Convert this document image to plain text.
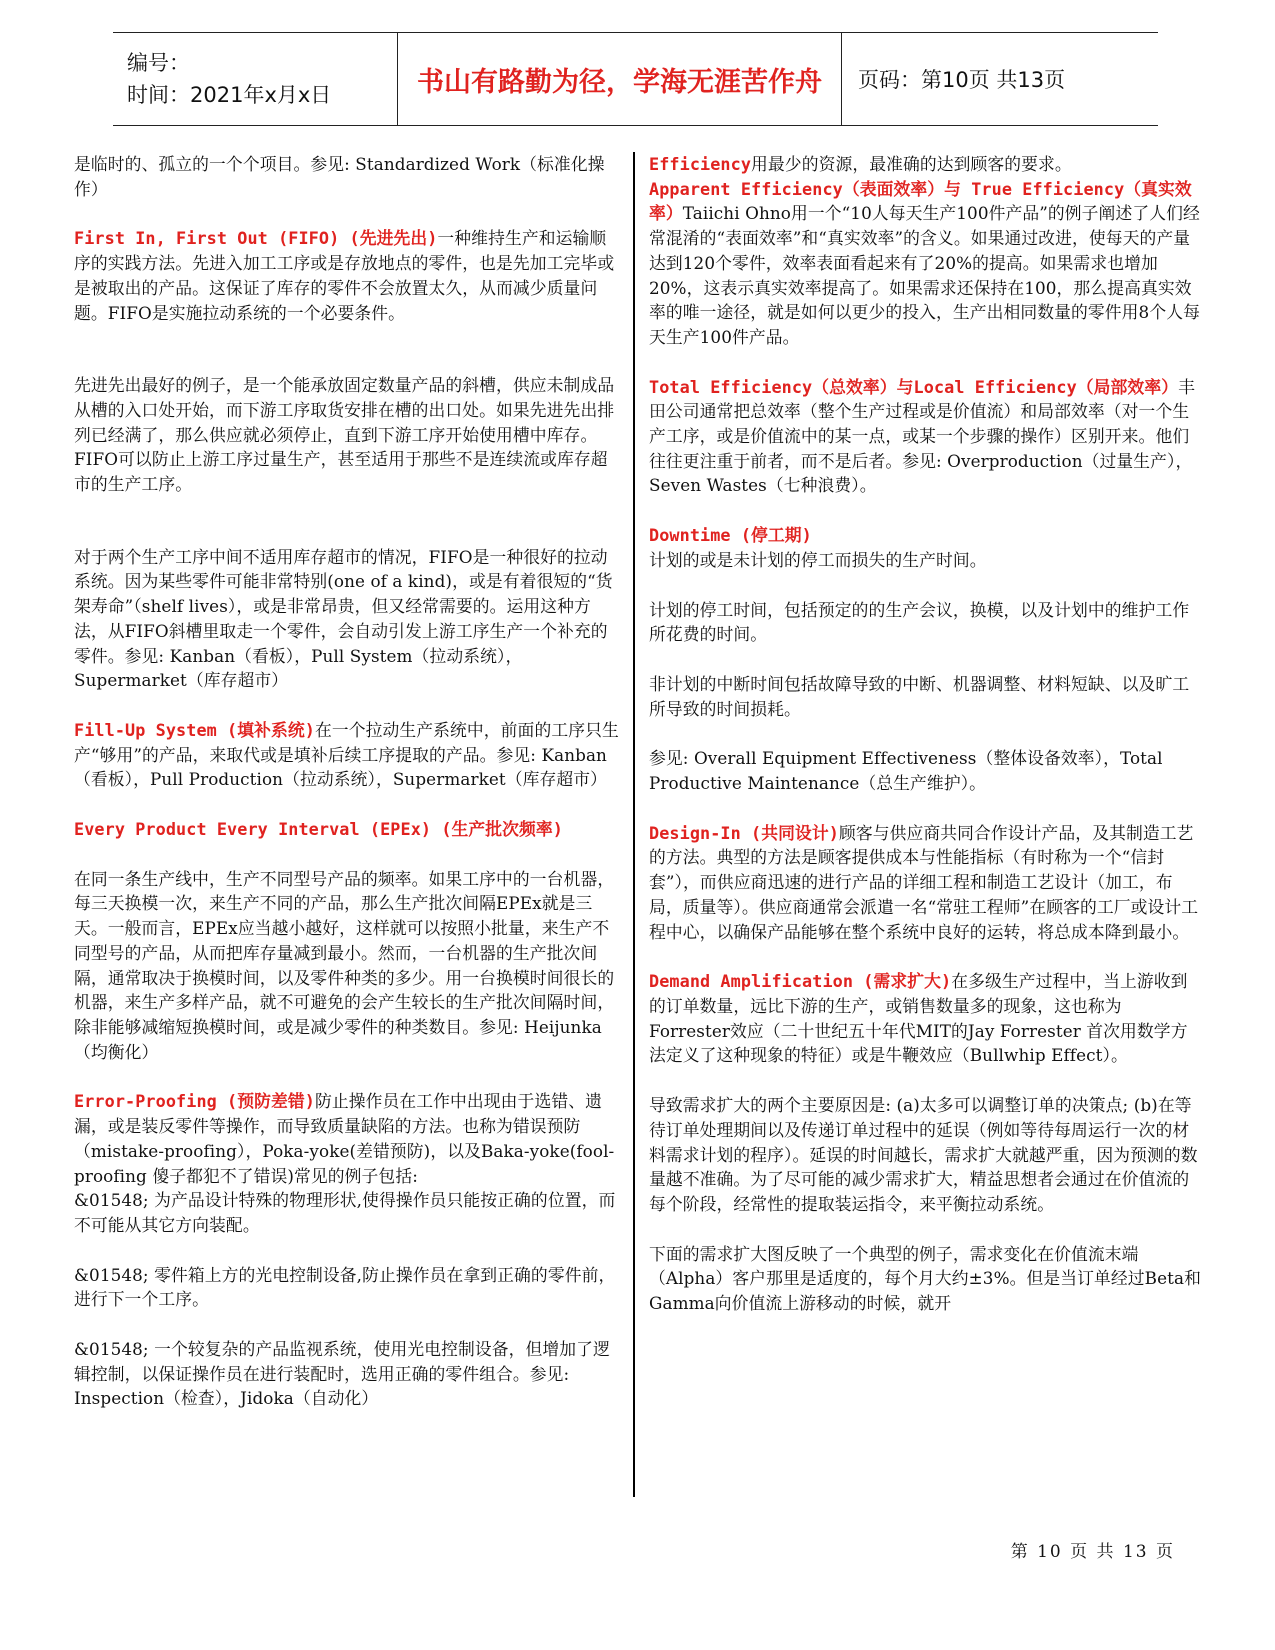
编号：
时间：2021年x月x日	书山有路勤为径，学海无涯苦作舟 页码：第10页 共13页

是临时的、孤立的一个个项目。参见: Standardized Work（标准化操作）

First In, First Out (FIFO) (先进先出)一种维持生产和运输顺序的实践方法。先进入加工工序或是存放地点的零件，也是先加工完毕或是被取出的产品。这保证了库存的零件不会放置太久，从而减少质量问题。FIFO是实施拉动系统的一个必要条件。

先进先出最好的例子，是一个能承放固定数量产品的斜槽，供应未制成品从槽的入口处开始，而下游工序取货安排在槽的出口处。如果先进先出排列已经满了，那么供应就必须停止，直到下游工序开始使用槽中库存。FIFO可以防止上游工序过量生产，甚至适用于那些不是连续流或库存超市的生产工序。

对于两个生产工序中间不适用库存超市的情况，FIFO是一种很好的拉动系统。因为某些零件可能非常特别(one of a kind)，或是有着很短的“货架寿命”（shelf lives），或是非常昂贵，但又经常需要的。运用这种方法，从FIFO斜槽里取走一个零件，会自动引发上游工序生产一个补充的零件。参见: Kanban（看板），Pull System（拉动系统），Supermarket（库存超市）

Fill-Up System (填补系统)在一个拉动生产系统中，前面的工序只生产“够用”的产品，来取代或是填补后续工序提取的产品。参见: Kanban（看板），Pull Production（拉动系统），Supermarket（库存超市）

Every Product Every Interval (EPEx) (生产批次频率)

在同一条生产线中，生产不同型号产品的频率。如果工序中的一台机器，每三天换模一次，来生产不同的产品，那么生产批次间隔EPEx就是三天。一般而言，EPEx应当越小越好，这样就可以按照小批量，来生产不同型号的产品，从而把库存量减到最小。然而，一台机器的生产批次间隔，通常取决于换模时间，以及零件种类的多少。用一台换模时间很长的机器，来生产多样产品，就不可避免的会产生较长的生产批次间隔时间，除非能够减缩短换模时间，或是减少零件的种类数目。参见: Heijunka（均衡化）

Error-Proofing (预防差错)防止操作员在工作中出现由于选错、遗漏，或是装反零件等操作，而导致质量缺陷的方法。也称为错误预防（mistake-proofing），Poka-yoke(差错预防)，以及Baka-yoke(fool-proofing 傻子都犯不了错误)常见的例子包括:

&01548; 为产品设计特殊的物理形状,使得操作员只能按正确的位置，而不可能从其它方向装配。

&01548; 零件箱上方的光电控制设备,防止操作员在拿到正确的零件前，进行下一个工序。

&01548; 一个较复杂的产品监视系统，使用光电控制设备，但增加了逻辑控制，以保证操作员在进行装配时，选用正确的零件组合。参见: Inspection（检查），Jidoka（自动化）

Efficiency用最少的资源，最准确的达到顾客的要求。

Apparent Efficiency（表面效率）与 True Efficiency（真实效率）Taiichi Ohno用一个“10人每天生产100件产品”的例子阐述了人们经常混淆的“表面效率”和“真实效率”的含义。如果通过改进，使每天的产量达到120个零件，效率表面看起来有了20%的提高。如果需求也增加20%，这表示真实效率提高了。如果需求还保持在100，那么提高真实效率的唯一途径，就是如何以更少的投入，生产出相同数量的零件用8个人每天生产100件产品。

Total Efficiency（总效率）与Local Efficiency（局部效率）丰田公司通常把总效率（整个生产过程或是价值流）和局部效率（对一个生产工序，或是价值流中的某一点，或某一个步骤的操作）区别开来。他们往往更注重于前者，而不是后者。参见: Overproduction（过量生产），Seven Wastes（七种浪费）。

Downtime (停工期)
计划的或是未计划的停工而损失的生产时间。

计划的停工时间，包括预定的的生产会议，换模，以及计划中的维护工作所花费的时间。

非计划的中断时间包括故障导致的中断、机器调整、材料短缺、以及旷工所导致的时间损耗。

参见: Overall Equipment Effectiveness（整体设备效率），Total Productive Maintenance（总生产维护）。

Design-In (共同设计)顾客与供应商共同合作设计产品，及其制造工艺的方法。典型的方法是顾客提供成本与性能指标（有时称为一个“信封套”），而供应商迅速的进行产品的详细工程和制造工艺设计（加工，布局，质量等）。供应商通常会派遣一名“常驻工程师”在顾客的工厂或设计工程中心，以确保产品能够在整个系统中良好的运转，将总成本降到最小。

Demand Amplification (需求扩大)在多级生产过程中，当上游收到的订单数量，远比下游的生产，或销售数量多的现象，这也称为Forrester效应（二十世纪五十年代MIT的Jay Forrester 首次用数学方法定义了这种现象的特征）或是牛鞭效应（Bullwhip Effect）。

导致需求扩大的两个主要原因是: (a)太多可以调整订单的决策点; (b)在等待订单处理期间以及传递订单过程中的延误（例如等待每周运行一次的材料需求计划的程序）。延误的时间越长，需求扩大就越严重，因为预测的数量越不准确。为了尽可能的减少需求扩大，精益思想者会通过在价值流的每个阶段，经常性的提取装运指令，来平衡拉动系统。

下面的需求扩大图反映了一个典型的例子，需求变化在价值流末端（Alpha）客户那里是适度的，每个月大约±3%。但是当订单经过Beta和Gamma向价值流上游移动的时候，就开

第 10 页 共 13 页
